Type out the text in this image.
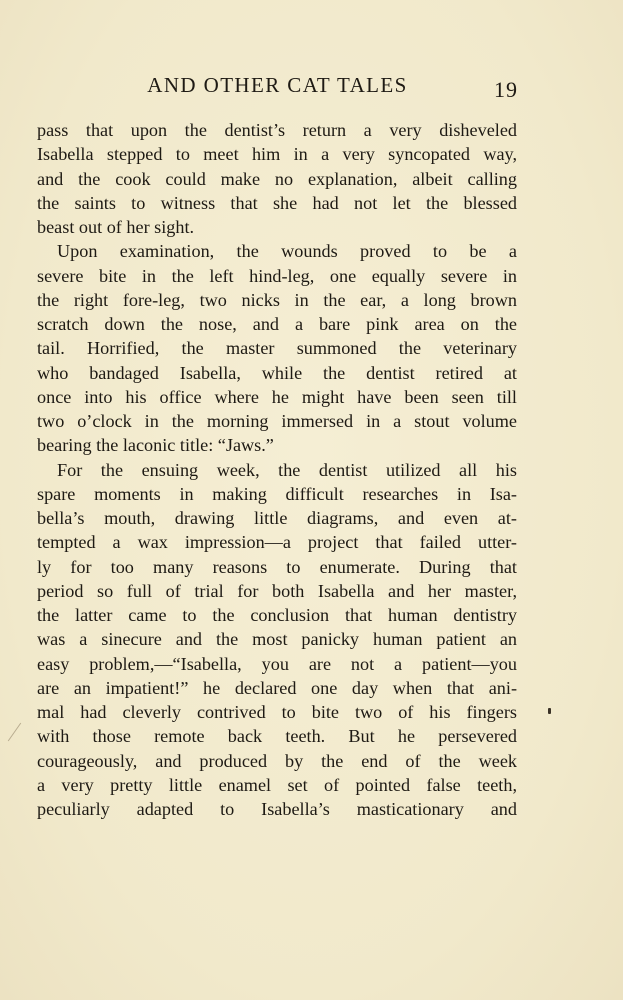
AND OTHER CAT TALES	19
pass that upon the dentist’s return a very disheveled
Isabella stepped to meet him in a very syncopated way,
and the cook could make no explanation, albeit calling
the saints to witness that she had not let the blessed
beast out of her sight.
Upon examination, the wounds proved to be a
severe bite in the left hind-leg, one equally severe in
the right fore-leg, two nicks in the ear, a long brown
scratch down the nose, and a bare pink area on the
tail. Horrified, the master summoned the veterinary
who bandaged Isabella, while the dentist retired at
once into his office where he might have been seen till
two o’clock in the morning immersed in a stout volume
bearing the laconic title: “Jaws.”
For the ensuing week, the dentist utilized all his
spare moments in making difficult researches in Isa-
bella’s mouth, drawing little diagrams, and even at-
tempted a wax impression—a project that failed utter-
ly for too many reasons to enumerate. During that
period so full of trial for both Isabella and her master,
the latter came to the conclusion that human dentistry
was a sinecure and the most panicky human patient an
easy problem,—“Isabella, you are not a patient—you
are an impatient!” he declared one day when that ani-
mal had cleverly contrived to bite two of his fingers
with those remote back teeth. But he persevered
courageously, and produced by the end of the week
a very pretty little enamel set of pointed false teeth,
peculiarly adapted to Isabella’s masticationary and
